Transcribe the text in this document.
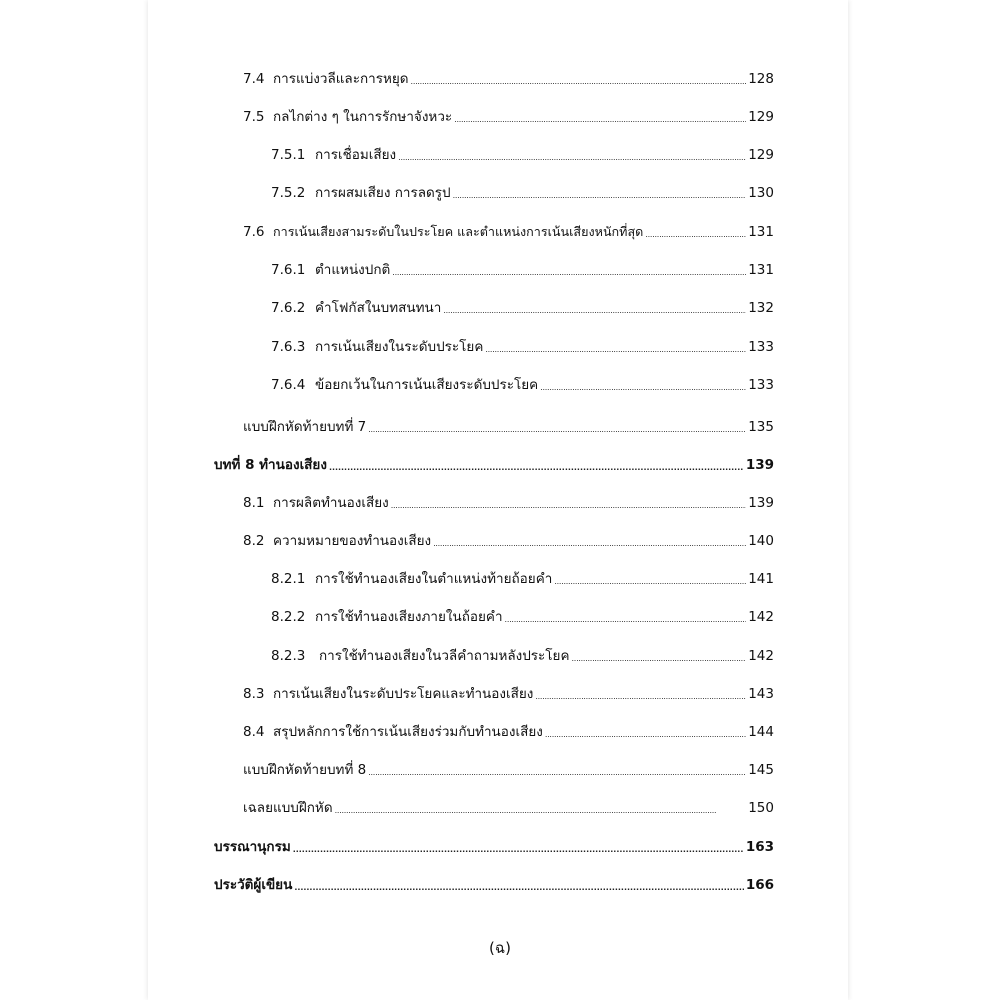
7.4 การแบ่งวลีและการหยุด . . .	128
7.5 กลไกต่าง ๆ ในการรักษาจังหวะ . . .	129
7.5.1 การเชื่อมเสียง . . .	129
7.5.2 การผสมเสียง การลดรูป . . .	130
7.6 การเน้นเสียงสามระดับในประโยค และตำแหน่งการเน้นเสียงหนักที่สุด . . .	131
7.6.1 ตำแหน่งปกติ . . .	131
7.6.2 คำโฟกัสในบทสนทนา . . .	132
7.6.3 การเน้นเสียงในระดับประโยค . . .	133
7.6.4 ข้อยกเว้นในการเน้นเสียงระดับประโยค . . .	133
แบบฝึกหัดท้ายบทที่ 7 . . .	135
บทที่ 8 ทำนองเสียง . . .	139
8.1 การผลิตทำนองเสียง . . .	139
8.2 ความหมายของทำนองเสียง . . .	140
8.2.1 การใช้ทำนองเสียงในตำแหน่งท้ายถ้อยคำ . . .	141
8.2.2 การใช้ทำนองเสียงภายในถ้อยคำ . . .	142
8.2.3	การใช้ทำนองเสียงในวลีคำถามหลังประโยค . . .	142
8.3 การเน้นเสียงในระดับประโยคและทำนองเสียง . . .	143
8.4 สรุปหลักการใช้การเน้นเสียงร่วมกับทำนองเสียง . . .	144
แบบฝึกหัดท้ายบทที่ 8 . . .	145
เฉลยแบบฝึกหัด . . .	150
บรรณานุกรม . . .	163
ประวัติผู้เขียน . . .	166
(ฉ)
